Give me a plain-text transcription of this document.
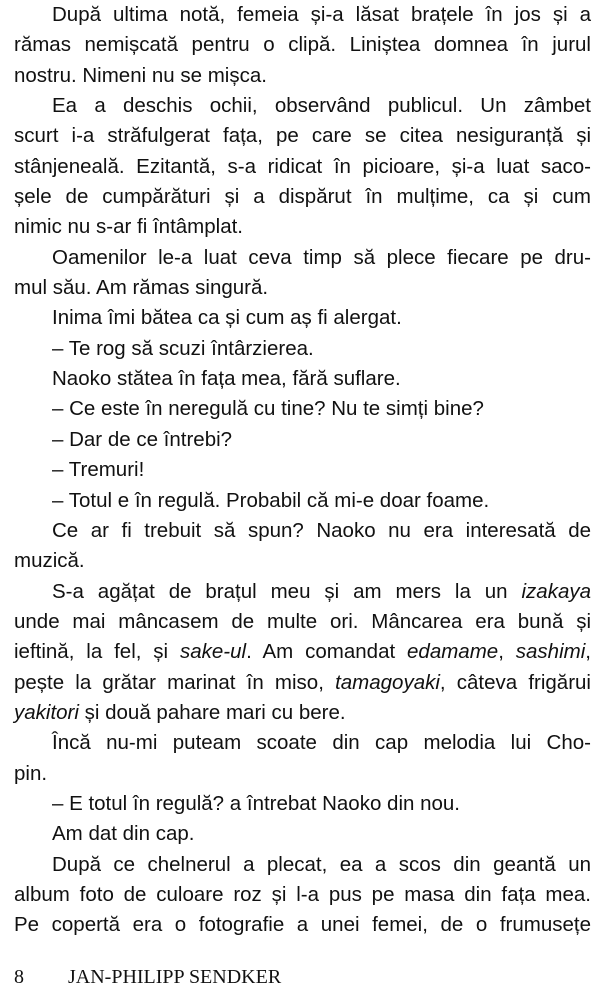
După ultima notă, femeia și-a lăsat brațele în jos și a
rămas nemișcată pentru o clipă. Liniștea domnea în jurul
nostru. Nimeni nu se mișca.
Ea a deschis ochii, observând publicul. Un zâmbet
scurt i-a străfulgerat fața, pe care se citea nesiguranță și
stânjeneală. Ezitantă, s-a ridicat în picioare, și-a luat saco-
șele de cumpărături și a dispărut în mulțime, ca și cum
nimic nu s-ar fi întâmplat.
Oamenilor le-a luat ceva timp să plece fiecare pe dru-
mul său. Am rămas singură.
Inima îmi bătea ca și cum aș fi alergat.
– Te rog să scuzi întârzierea.
Naoko stătea în fața mea, fără suflare.
– Ce este în neregulă cu tine? Nu te simți bine?
– Dar de ce întrebi?
– Tremuri!
– Totul e în regulă. Probabil că mi-e doar foame.
Ce ar fi trebuit să spun? Naoko nu era interesată de
muzică.
S-a agățat de brațul meu și am mers la un izakaya
unde mai mâncasem de multe ori. Mâncarea era bună și
ieftină, la fel, și sake-ul. Am comandat edamame, sashimi,
pește la grătar marinat în miso, tamagoyaki, câteva frigărui
yakitori și două pahare mari cu bere.
Încă nu-mi puteam scoate din cap melodia lui Cho-
pin.
– E totul în regulă? a întrebat Naoko din nou.
Am dat din cap.
După ce chelnerul a plecat, ea a scos din geantă un
album foto de culoare roz și l-a pus pe masa din fața mea.
Pe copertă era o fotografie a unei femei, de o frumusețe
8 JAN-PHILIPP SENDKER
